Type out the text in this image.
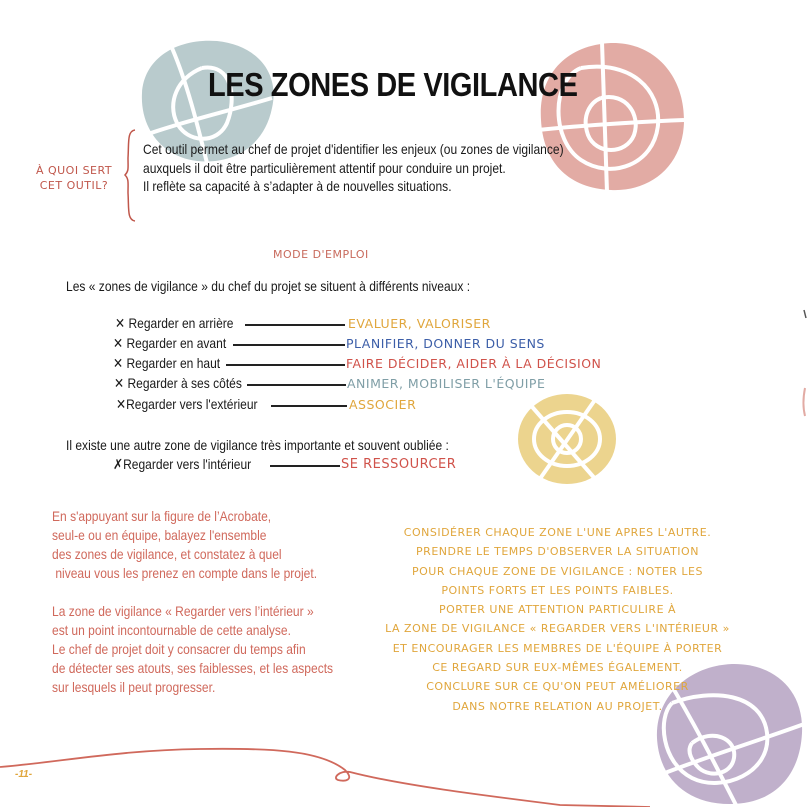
LES ZONES DE VIGILANCE
À QUOI SERT
CET OUTIL?
Cet outil permet au chef de projet d'identifier les enjeux (ou zones de vigilance)
auxquels il doit être particulièrement attentif pour conduire un projet.
Il reflète sa capacité à s’adapter à de nouvelles situations.
MODE D'EMPLOI
Les « zones de vigilance » du chef du projet se situent à différents niveaux :
✕ Regarder en arrière	EVALUER, VALORISER
✕ Regarder en avant	PLANIFIER, DONNER DU SENS
✕ Regarder en haut	FAIRE DÉCIDER, AIDER À LA DÉCISION
✕ Regarder à ses côtés	ANIMER, MOBILISER L'ÉQUIPE
✕Regarder vers l'extérieur	ASSOCIER
Il existe une autre zone de vigilance très importante et souvent oubliée :
✗Regarder vers l'intérieur	SE RESSOURCER
En s'appuyant sur la figure de l’Acrobate,
seul-e ou en équipe, balayez l'ensemble
des zones de vigilance, et constatez à quel
niveau vous les prenez en compte dans le projet.
La zone de vigilance « Regarder vers l’intérieur »
est un point incontournable de cette analyse.
Le chef de projet doit y consacrer du temps afin
de détecter ses atouts, ses faiblesses, et les aspects
sur lesquels il peut progresser.
CONSIDÉRER CHAQUE ZONE L'UNE APRES L'AUTRE.
PRENDRE LE TEMPS D'OBSERVER LA SITUATION
POUR CHAQUE ZONE DE VIGILANCE : NOTER LES
POINTS FORTS ET LES POINTS FAIBLES.
PORTER UNE ATTENTION PARTICULIRE À
LA ZONE DE VIGILANCE « REGARDER VERS L'INTÉRIEUR »
ET ENCOURAGER LES MEMBRES DE L'ÉQUIPE À PORTER
CE REGARD SUR EUX-MÊMES ÉGALEMENT.
CONCLURE SUR CE QU'ON PEUT AMÉLIORER
DANS NOTRE RELATION AU PROJET.
-11-
